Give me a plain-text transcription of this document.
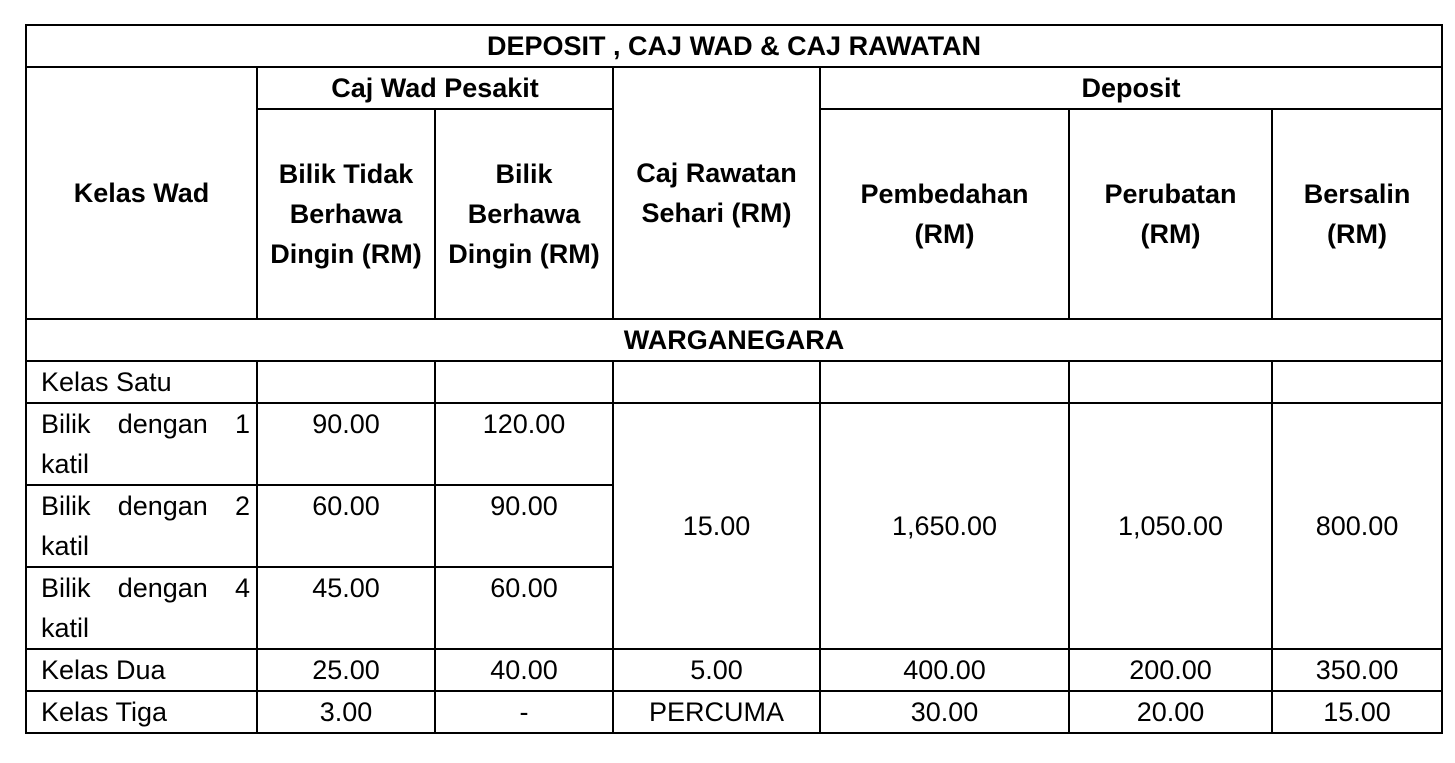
DEPOSIT , CAJ WAD & CAJ RAWATAN						
Kelas Wad	Caj Wad Pesakit		Caj Rawatan Sehari (RM)	Deposit		
	Bilik Tidak Berhawa Dingin (RM)	Bilik Berhawa Dingin (RM)		Pembedahan (RM)	Perubatan (RM)	Bersalin (RM)
WARGANEGARA						
Kelas Satu						
Bilik dengan 1 katil	90.00	120.00	15.00	1,650.00	1,050.00	800.00
Bilik dengan 2 katil	60.00	90.00				
Bilik dengan 4 katil	45.00	60.00				
Kelas Dua	25.00	40.00	5.00	400.00	200.00	350.00
Kelas Tiga	3.00	-	PERCUMA	30.00	20.00	15.00
